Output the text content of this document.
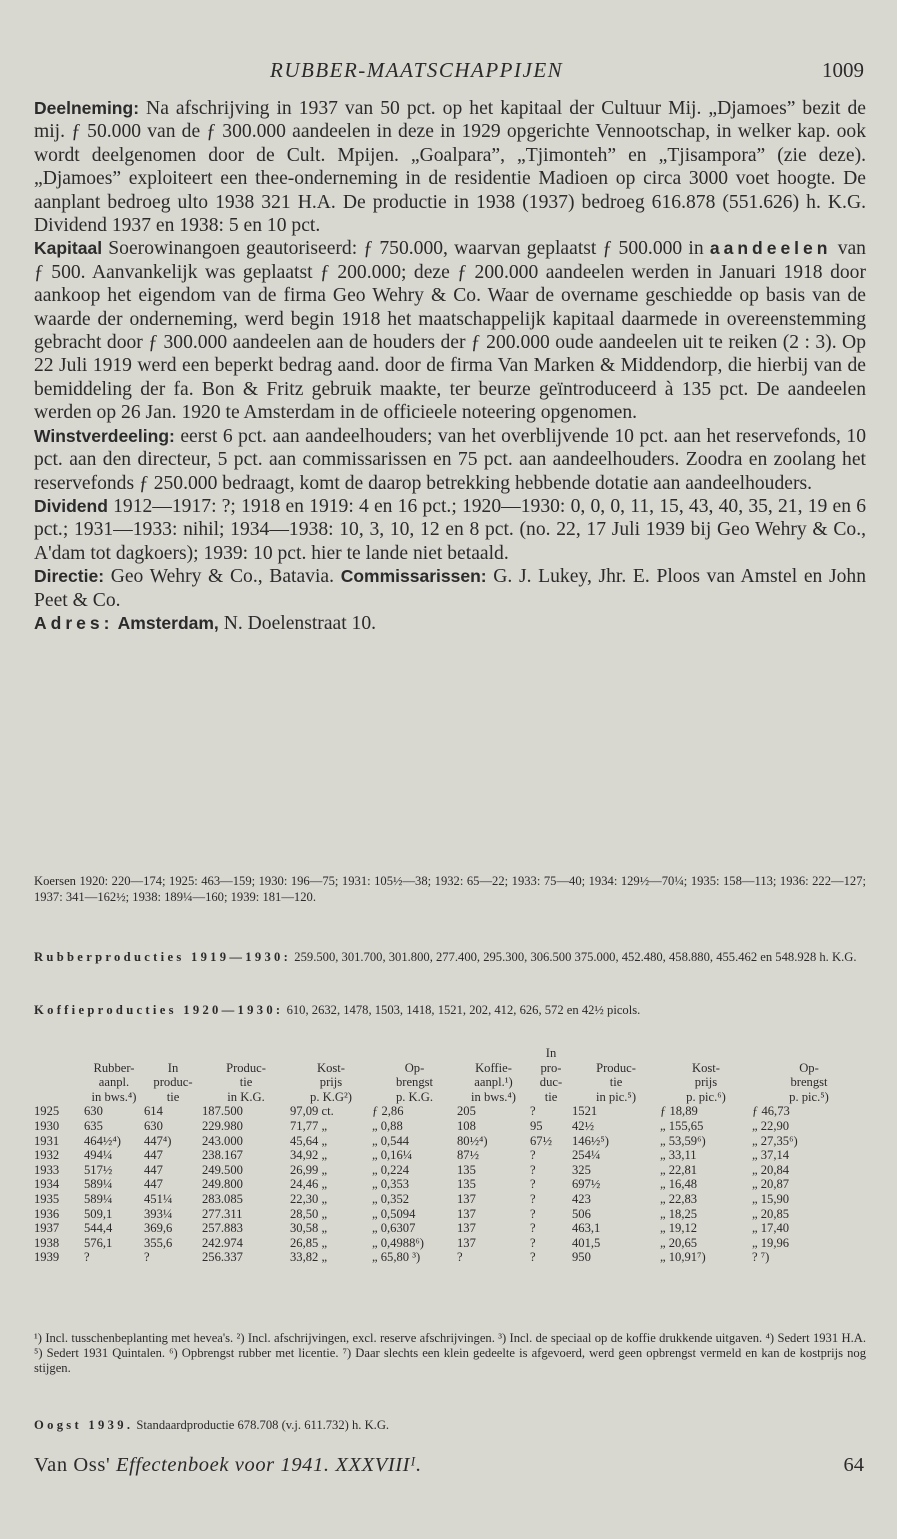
RUBBER-MAATSCHAPPIJEN	1009

Deelneming: Na afschrijving in 1937 van 50 pct. op het kapitaal der Cultuur Mij. „Djamoes” bezit de mij. ƒ 50.000 van de ƒ 300.000 aandeelen in deze in 1929 opgerichte Vennootschap, in welker kap. ook wordt deelgenomen door de Cult. Mpijen. „Goalpara”, „Tjimonteh” en „Tjisampora” (zie deze). „Djamoes” exploiteert een thee-onderneming in de residentie Madioen op circa 3000 voet hoogte. De aanplant bedroeg ulto 1938 321 H.A. De productie in 1938 (1937) bedroeg 616.878 (551.626) h. K.G. Dividend 1937 en 1938: 5 en 10 pct.

Kapitaal Soerowinangoen geautoriseerd: ƒ 750.000, waarvan geplaatst ƒ 500.000 in aandeelen van ƒ 500. Aanvankelijk was geplaatst ƒ 200.000; deze ƒ 200.000 aandeelen werden in Januari 1918 door aankoop het eigendom van de firma Geo Wehry & Co. Waar de overname geschiedde op basis van de waarde der onderneming, werd begin 1918 het maatschappelijk kapitaal daarmede in overeenstemming gebracht door ƒ 300.000 aandeelen aan de houders der ƒ 200.000 oude aandeelen uit te reiken (2 : 3). Op 22 Juli 1919 werd een beperkt bedrag aand. door de firma Van Marken & Middendorp, die hierbij van de bemiddeling der fa. Bon & Fritz gebruik maakte, ter beurze geïntroduceerd à 135 pct. De aandeelen werden op 26 Jan. 1920 te Amsterdam in de officieele noteering opgenomen.

Winstverdeeling: eerst 6 pct. aan aandeelhouders; van het overblijvende 10 pct. aan het reservefonds, 10 pct. aan den directeur, 5 pct. aan commissarissen en 75 pct. aan aandeelhouders. Zoodra en zoolang het reservefonds ƒ 250.000 bedraagt, komt de daarop betrekking hebbende dotatie aan aandeelhouders.

Dividend 1912—1917: ?; 1918 en 1919: 4 en 16 pct.; 1920—1930: 0, 0, 0, 11, 15, 43, 40, 35, 21, 19 en 6 pct.; 1931—1933: nihil; 1934—1938: 10, 3, 10, 12 en 8 pct. (no. 22, 17 Juli 1939 bij Geo Wehry & Co., A'dam tot dagkoers); 1939: 10 pct. hier te lande niet betaald.

Directie: Geo Wehry & Co., Batavia. Commissarissen: G. J. Lukey, Jhr. E. Ploos van Amstel en John Peet & Co.

Adres: Amsterdam, N. Doelenstraat 10.

Koersen 1920: 220—174; 1925: 463—159; 1930: 196—75; 1931: 105½—38; 1932: 65—22; 1933: 75—40; 1934: 129½—70¼; 1935: 158—113; 1936: 222—127; 1937: 341—162½; 1938: 189¼—160; 1939: 181—120.

Rubberproducties 1919—1930: 259.500, 301.700, 301.800, 277.400, 295.300, 306.500 375.000, 452.480, 458.880, 455.462 en 548.928 h. K.G.

Koffieproducties 1920—1930: 610, 2632, 1478, 1503, 1418, 1521, 202, 412, 626, 572 en 42½ picols.

							In			
	Rubber-	In	Produc-	Kost-	Op-	Koffie-	pro-	Produc-	Kost-	Op-
	aanpl.	produc-	tie	prijs	brengst	aanpl.¹)	duc-	tie	prijs	brengst
	in bws.⁴)	tie	in K.G.	p. K.G²)	p. K.G.	in bws.⁴)	tie	in pic.⁵)	p. pic.⁶)	p. pic.⁵)
1925	630	614	187.500	97,09 ct.	ƒ 2,86	205	?	1521	ƒ 18,89	ƒ 46,73
1930	635	630	229.980	71,77 „	„ 0,88	108	95	42½	„ 155,65	„ 22,90
1931	464½⁴)	447⁴)	243.000	45,64 „	„ 0,544	80½⁴)	67½	146½⁵)	„ 53,59⁶)	„ 27,35⁶)
1932	494¼	447	238.167	34,92 „	„ 0,16¼	87½	?	254¼	„ 33,11	„ 37,14
1933	517½	447	249.500	26,99 „	„ 0,224	135	?	325	„ 22,81	„ 20,84
1934	589¼	447	249.800	24,46 „	„ 0,353	135	?	697½	„ 16,48	„ 20,87
1935	589¼	451¼	283.085	22,30 „	„ 0,352	137	?	423	„ 22,83	„ 15,90
1936	509,1	393¼	277.311	28,50 „	„ 0,5094	137	?	506	„ 18,25	„ 20,85
1937	544,4	369,6	257.883	30,58 „	„ 0,6307	137	?	463,1	„ 19,12	„ 17,40
1938	576,1	355,6	242.974	26,85 „	„ 0,4988⁶)	137	?	401,5	„ 20,65	„ 19,96
1939	?	?	256.337	33,82 „	„ 65,80 ³)	?	?	950	„ 10,91⁷)	? ⁷)
¹) Incl. tusschenbeplanting met hevea's. ²) Incl. afschrijvingen, excl. reserve afschrijvingen. ³) Incl. de speciaal op de koffie drukkende uitgaven. ⁴) Sedert 1931 H.A. ⁵) Sedert 1931 Quintalen. ⁶) Opbrengst rubber met licentie. ⁷) Daar slechts een klein gedeelte is afgevoerd, werd geen opbrengst vermeld en kan de kostprijs nog stijgen.
Oogst 1939. Standaardproductie 678.708 (v.j. 611.732) h. K.G.
Van Oss' Effectenboek voor 1941. XXXVIIIᴵ.	64
